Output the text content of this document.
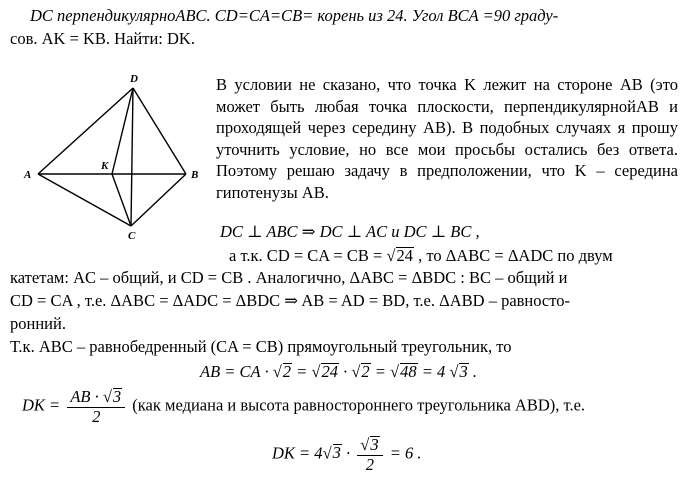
DC перпендикулярноABC. CD=CA=CB= корень из 24. Угол BCA =90 граду-
сов. AK = KB. Найти: DK.
D
A	B
K
C
В условии не сказано, что точка K лежит на стороне AB (это может быть любая точка плоскости, перпендикулярнойAB и проходящей через середину AB). В подобных случаях я прошу уточнить условие, но все мои просьбы остались без ответа. Поэтому решаю задачу в предположении, что K – середина гипотенузы AB.
DC ⊥ ABC ⇒ DC ⊥ AC и DC ⊥ BC ,
а т.к. CD = CA = CB = √24 , то ΔABC = ΔADC по двум
катетам: AC – общий, и CD = CB . Аналогично, ΔABC = ΔBDC : BC – общий и
CD = CA , т.е. ΔABC = ΔADC = ΔBDC ⇒ AB = AD = BD, т.е. ΔABD – равносто-
ронний.
Т.к. ABC – равнобедренный (CA = CB) прямоугольный треугольник, то
AB = CA · √2 = √24 · √2 = √48 = 4 √3 .
DK = $\frac{AB \cdot √3}{2} (как$ медиана и высота равностороннего треугольника ABD), т.е.
DK = $4√3 \cdot \frac{√3}{2} = 6$ .
